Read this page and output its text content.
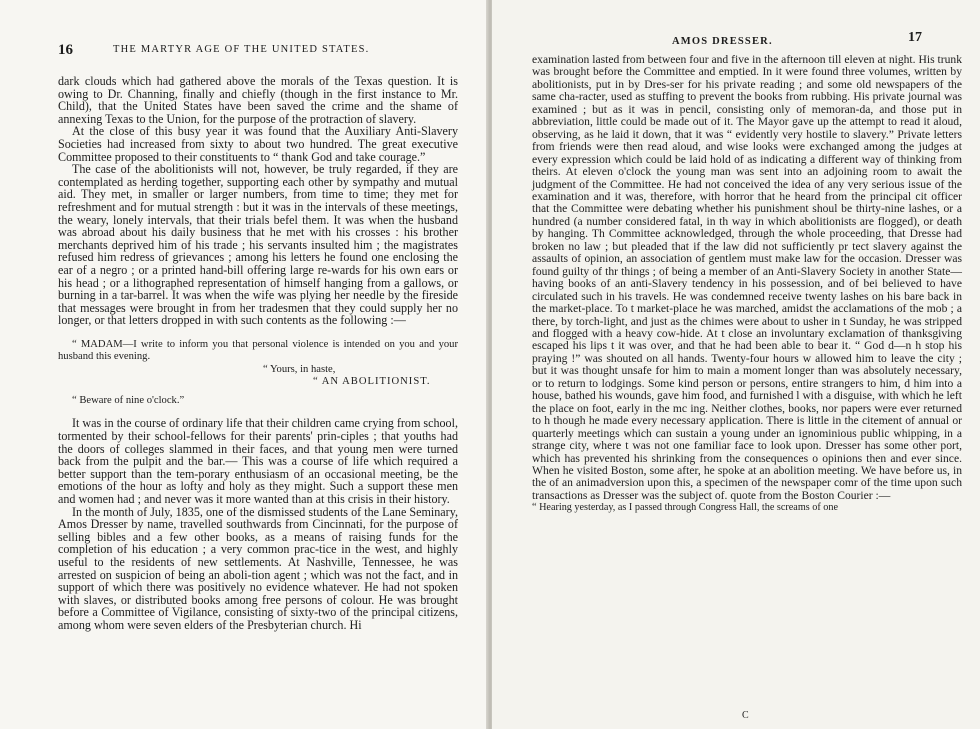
16	THE MARTYR AGE OF THE UNITED STATES.

dark clouds which had gathered above the morals of the Texas question. It is owing to Dr. Channing, finally and chiefly (though in the first instance to Mr. Child), that the United States have been saved the crime and the shame of annexing Texas to the Union, for the purpose of the protraction of slavery.

At the close of this busy year it was found that the Auxiliary Anti-Slavery Societies had increased from sixty to about two hundred. The great executive Committee proposed to their constituents to “ thank God and take courage.”

The case of the abolitionists will not, however, be truly regarded, if they are contemplated as herding together, supporting each other by sympathy and mutual aid. They met, in smaller or larger numbers, from time to time; they met for refreshment and for mutual strength : but it was in the intervals of these meetings, the weary, lonely intervals, that their trials befel them. It was when the husband was abroad about his daily business that he met with his crosses : his brother merchants deprived him of his trade ; his servants insulted him ; the magistrates refused him redress of grievances ; among his letters he found one enclosing the ear of a negro ; or a printed hand-bill offering large re-wards for his own ears or his head ; or a lithographed representation of himself hanging from a gallows, or burning in a tar-barrel. It was when the wife was plying her needle by the fireside that messages were brought in from her tradesmen that they could supply her no longer, or that letters dropped in with such contents as the following :—

“ MADAM—I write to inform you that personal violence is intended on you and your husband this evening.

“ Yours, in haste,

“ AN ABOLITIONIST.

“ Beware of nine o'clock.”

It was in the course of ordinary life that their children came crying from school, tormented by their school-fellows for their parents' prin-ciples ; that youths had the doors of colleges slammed in their faces, and that young men were turned back from the pulpit and the bar.— This was a course of life which required a better support than the tem-porary enthusiasm of an occasional meeting, be the emotions of the hour as lofty and holy as they might. Such a support these men and women had ; and never was it more wanted than at this crisis in their history.

In the month of July, 1835, one of the dismissed students of the Lane Seminary, Amos Dresser by name, travelled southwards from Cincinnati, for the purpose of selling bibles and a few other books, as a means of raising funds for the completion of his education ; a very common prac-tice in the west, and highly useful to the residents of new settlements. At Nashville, Tennessee, he was arrested on suspicion of being an aboli-tion agent ; which was not the fact, and in support of which there was positively no evidence whatever. He had not spoken with slaves, or distributed books among free persons of colour. He was brought before a Committee of Vigilance, consisting of sixty-two of the principal citizens, among whom were seven elders of the Presbyterian church. Hi

AMOS DRESSER.	17

examination lasted from between four and five in the afternoon till eleven at night. His trunk was brought before the Committee and emptied. In it were found three volumes, written by abolitionists, put in by Dres-ser for his private reading ; and some old newspapers of the same cha-racter, used as stuffing to prevent the books from rubbing. His private journal was examined ; but as it was in pencil, consisting only of memoran-da, and those put in abbreviation, little could be made out of it. The Mayor gave up the attempt to read it aloud, observing, as he laid it down, that it was “ evidently very hostile to slavery.” Private letters from friends were then read aloud, and wise looks were exchanged among the judges at every expression which could be laid hold of as indicating a different way of thinking from theirs. At eleven o'clock the young man was sent into an adjoining room to await the judgment of the Committee. He had not conceived the idea of any very serious issue of the examination and it was, therefore, with horror that he heard from the principal cit officer that the Committee were debating whether his punishment shoul be thirty-nine lashes, or a hundred (a number considered fatal, in th way in which abolitionists are flogged), or death by hanging. Th Committee acknowledged, through the whole proceeding, that Dresse had broken no law ; but pleaded that if the law did not sufficiently pr tect slavery against the assaults of opinion, an association of gentlem must make law for the occasion. Dresser was found guilty of thr things ; of being a member of an Anti-Slavery Society in another State— having books of an anti-Slavery tendency in his possession, and of bei believed to have circulated such in his travels. He was condemned receive twenty lashes on his bare back in the market-place. To t market-place he was marched, amidst the acclamations of the mob ; a there, by torch-light, and just as the chimes were about to usher in t Sunday, he was stripped and flogged with a heavy cow-hide. At t close an involuntary exclamation of thanksgiving escaped his lips t it was over, and that he had been able to bear it. “ God d—n h stop his praying !” was shouted on all hands. Twenty-four hours w allowed him to leave the city ; but it was thought unsafe for him to main a moment longer than was absolutely necessary, or to return to lodgings. Some kind person or persons, entire strangers to him, d him into a house, bathed his wounds, gave him food, and furnished l with a disguise, with which he left the place on foot, early in the mc ing. Neither clothes, books, nor papers were ever returned to h though he made every necessary application. There is little in the citement of annual or quarterly meetings which can sustain a young under an ignominious public whipping, in a strange city, where t was not one familiar face to look upon. Dresser has some other port, which has prevented his shrinking from the consequences o opinions then and ever since. When he visited Boston, some after, he spoke at an abolition meeting. We have before us, in the of an animadversion upon this, a specimen of the newspaper comr of the time upon such transactions as Dresser was the subject of. quote from the Boston Courier :—

“ Hearing yesterday, as I passed through Congress Hall, the screams of one

C
